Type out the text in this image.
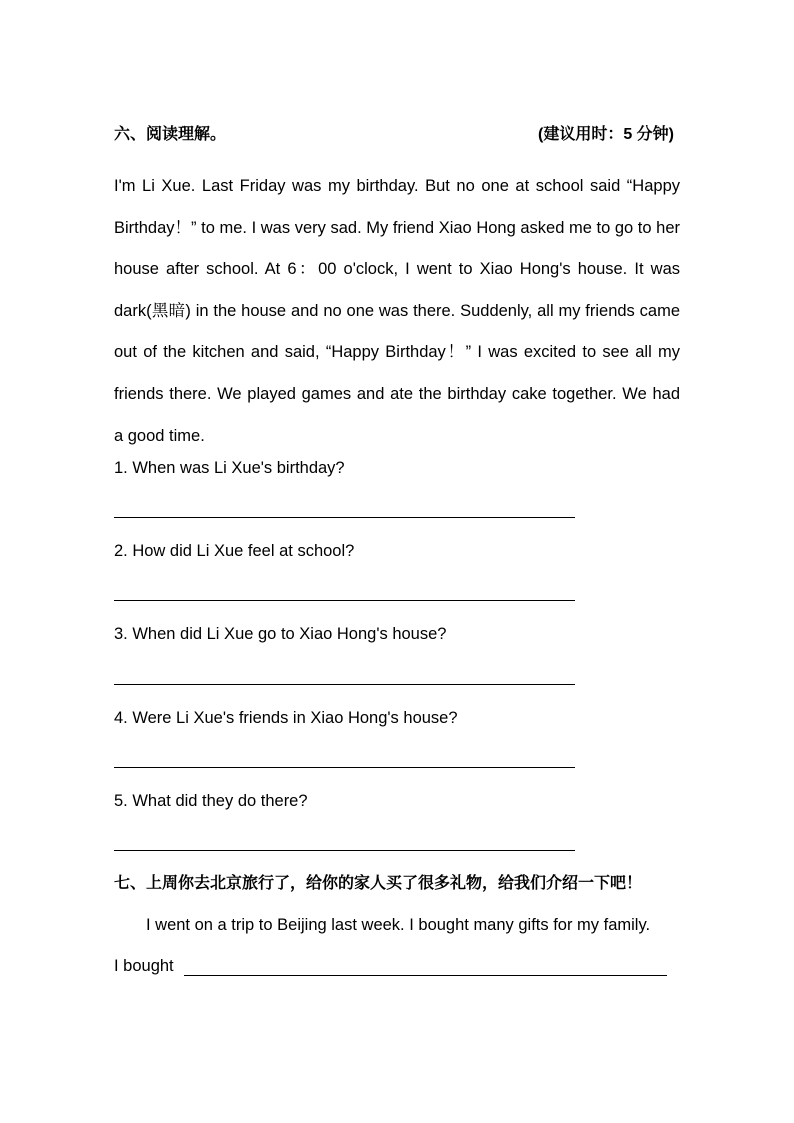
六、阅读理解。	(建议用时：5 分钟)

I'm Li Xue. Last Friday was my birthday. But no one at school said “Happy Birthday！” to me. I was very sad. My friend Xiao Hong asked me to go to her house after school. At 6：00 o'clock, I went to Xiao Hong's house. It was dark(黑暗) in the house and no one was there. Suddenly, all my friends came out of the kitchen and said, “Happy Birthday！” I was excited to see all my friends there. We played games and ate the birthday cake together. We had a good time.

1. When was Li Xue's birthday?
2. How did Li Xue feel at school?
3. When did Li Xue go to Xiao Hong's house?
4. Were Li Xue's friends in Xiao Hong's house?
5. What did they do there?
七、上周你去北京旅行了，给你的家人买了很多礼物，给我们介绍一下吧！
I went on a trip to Beijing last week. I bought many gifts for my family.
I bought
